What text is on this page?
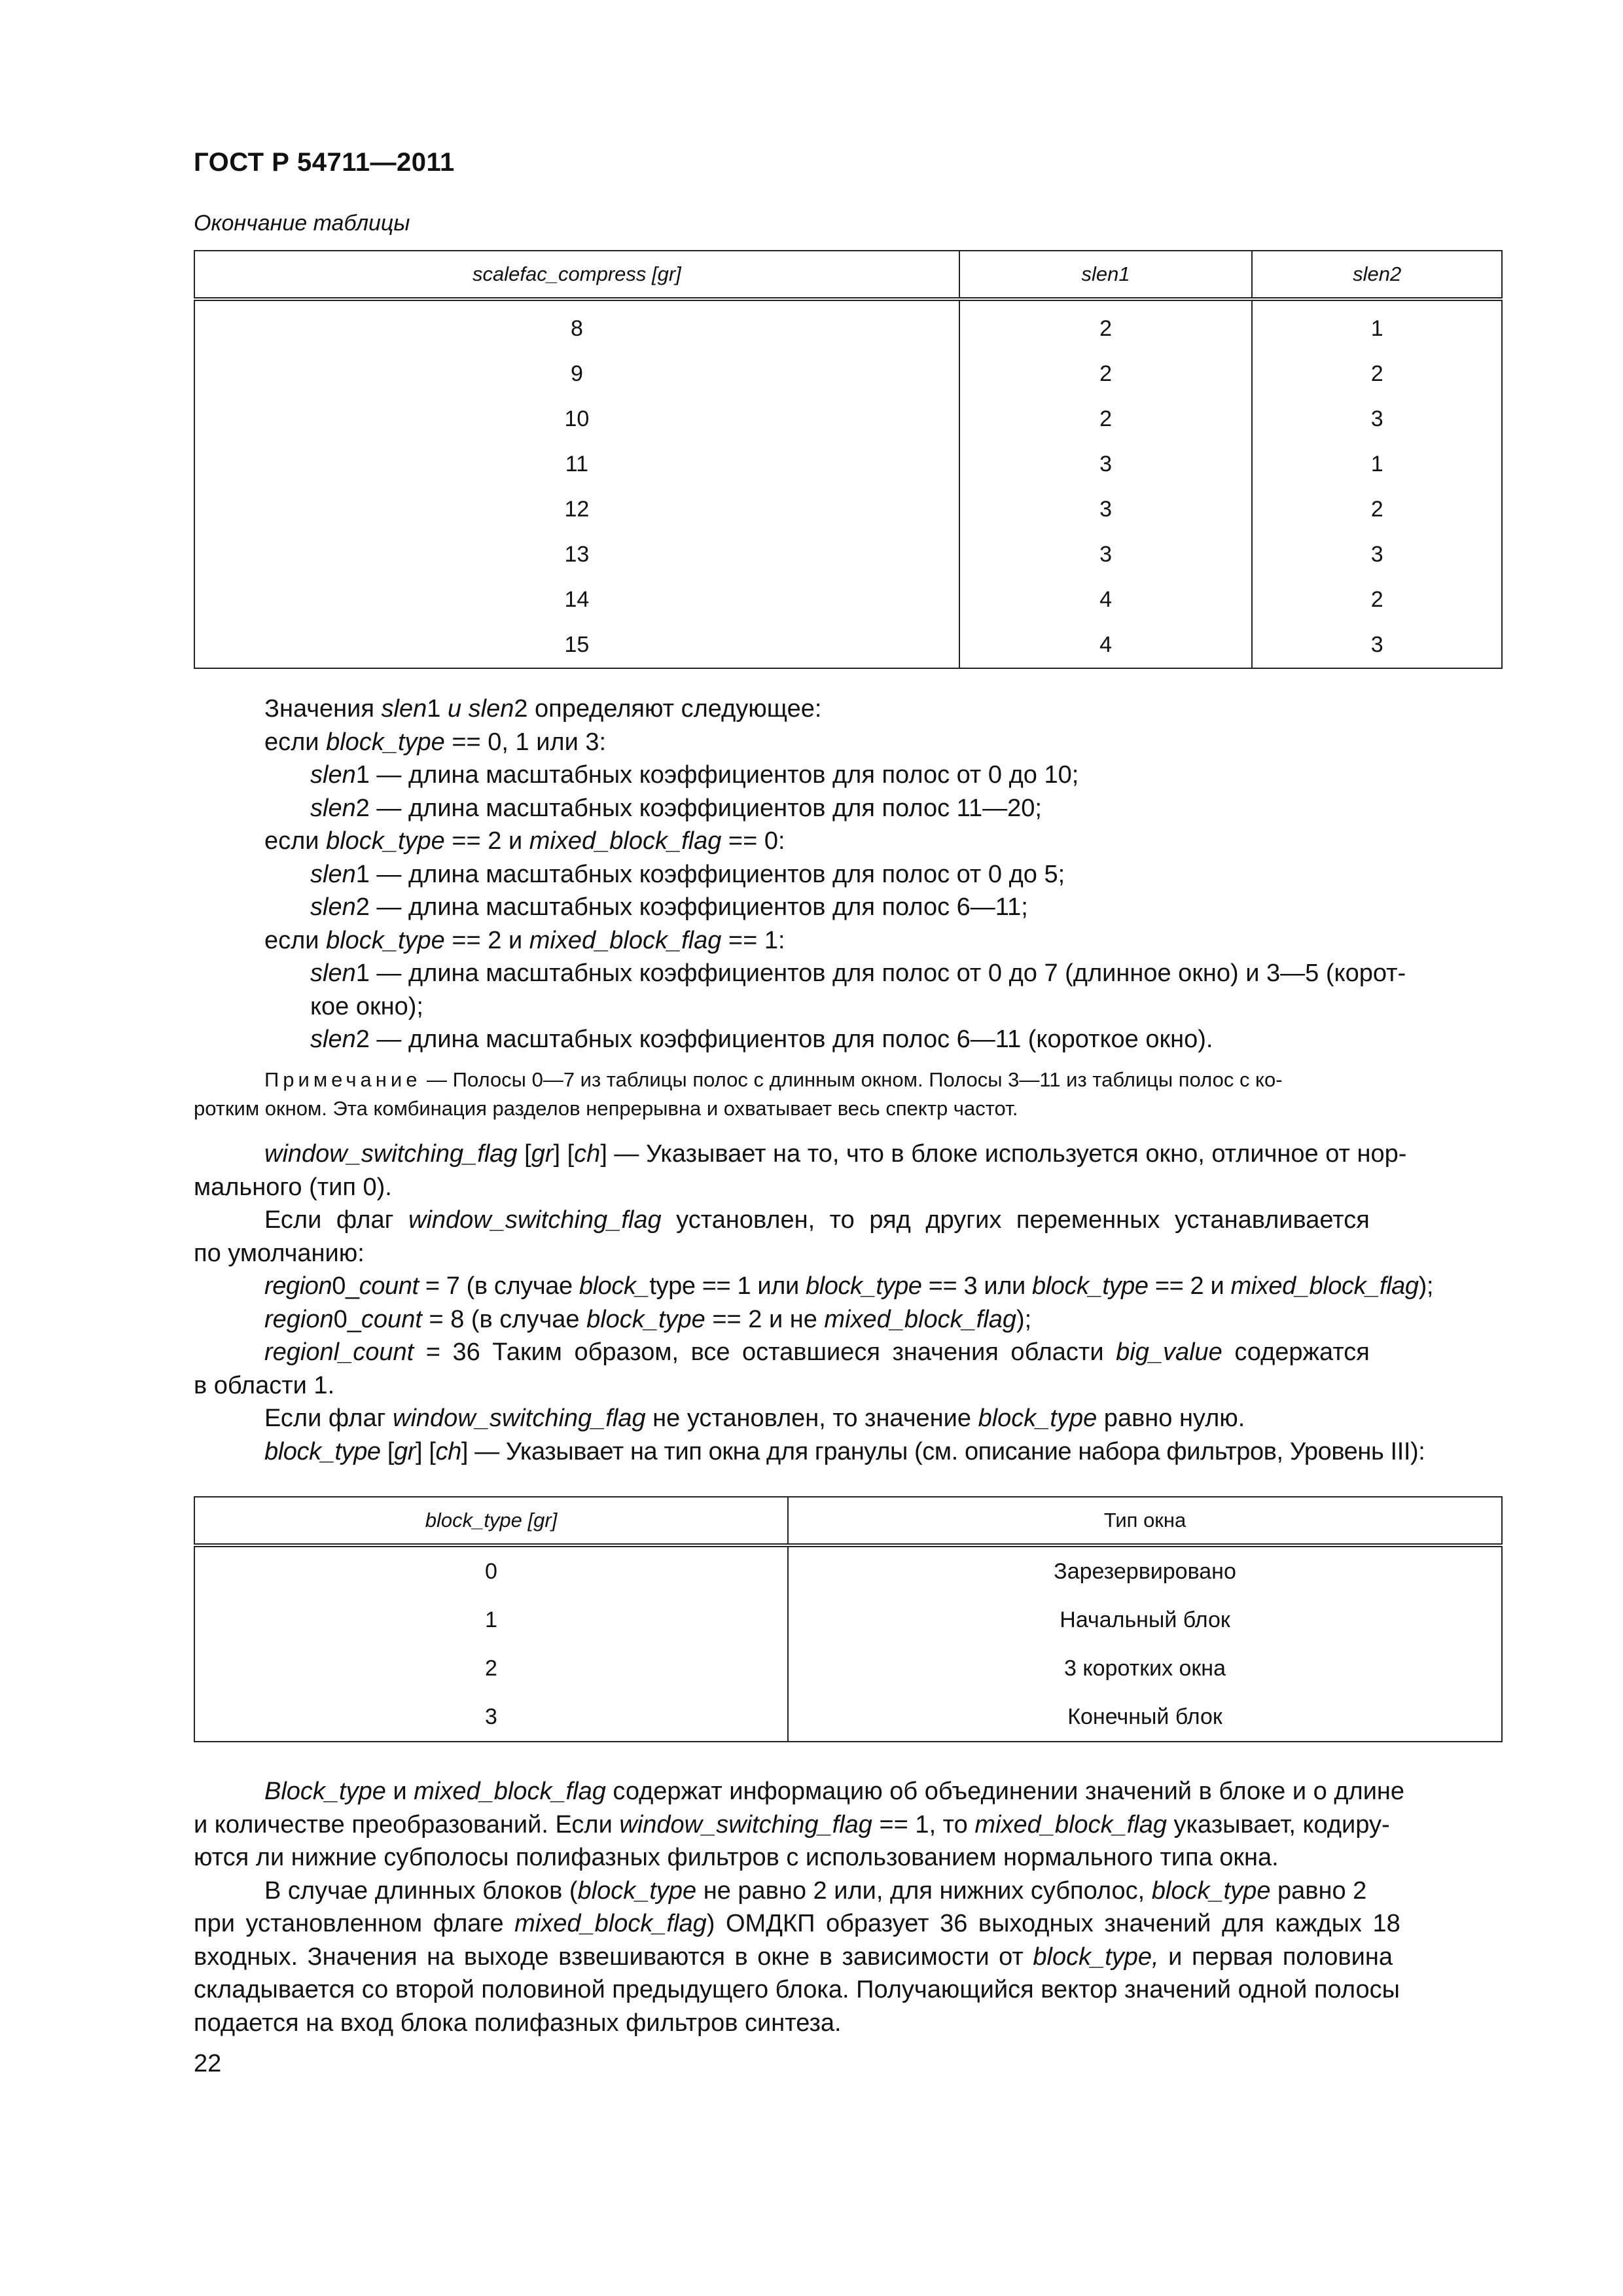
ГОСТ Р 54711—2011
Окончание таблицы
scalefac_compress [gr]	slen1	slen2
8	2	1
9	2	2
10	2	3
11	3	1
12	3	2
13	3	3
14	4	2
15	4	3

Значения slen1 и slen2 определяют следующее:

если block_type == 0, 1 или 3:

slen1 — длина масштабных коэффициентов для полос от 0 до 10;

slen2 — длина масштабных коэффициентов для полос 11—20;

если block_type == 2 и mixed_block_flag == 0:

slen1 — длина масштабных коэффициентов для полос от 0 до 5;

slen2 — длина масштабных коэффициентов для полос 6—11;

если block_type == 2 и mixed_block_flag == 1:

slen1 — длина масштабных коэффициентов для полос от 0 до 7 (длинное окно) и 3—5 (корот-

кое окно);

slen2 — длина масштабных коэффициентов для полос 6—11 (короткое окно).

Примечание — Полосы 0—7 из таблицы полос с длинным окном. Полосы 3—11 из таблицы полос с ко-

ротким окном. Эта комбинация разделов непрерывна и охватывает весь спектр частот.

window_switching_flag [gr] [ch] — Указывает на то, что в блоке используется окно, отличное от нор-

мального (тип 0).

Если флаг window_switching_flag установлен, то ряд других переменных устанавливается

по умолчанию:

region0_count = 7 (в случае block_type == 1 или block_type == 3 или block_type == 2 и mixed_block_flag);

region0_count = 8 (в случае block_type == 2 и не mixed_block_flag);

regionl_count = 36 Таким образом, все оставшиеся значения области big_value содержатся

в области 1.

Если флаг window_switching_flag не установлен, то значение block_type равно нулю.

block_type [gr] [ch] — Указывает на тип окна для гранулы (см. описание набора фильтров, Уровень III):

block_type [gr]	Тип окна
0	Зарезервировано
1	Начальный блок
2	3 коротких окна
3	Конечный блок

Block_type и mixed_block_flag содержат информацию об объединении значений в блоке и о длине

и количестве преобразований. Если window_switching_flag == 1, то mixed_block_flag указывает, кодиру-

ются ли нижние субполосы полифазных фильтров с использованием нормального типа окна.

В случае длинных блоков (block_type не равно 2 или, для нижних субполос, block_type равно 2

при установленном флаге mixed_block_flag) ОМДКП образует 36 выходных значений для каждых 18

входных. Значения на выходе взвешиваются в окне в зависимости от block_type, и первая половина

складывается со второй половиной предыдущего блока. Получающийся вектор значений одной полосы

подается на вход блока полифазных фильтров синтеза.

22
